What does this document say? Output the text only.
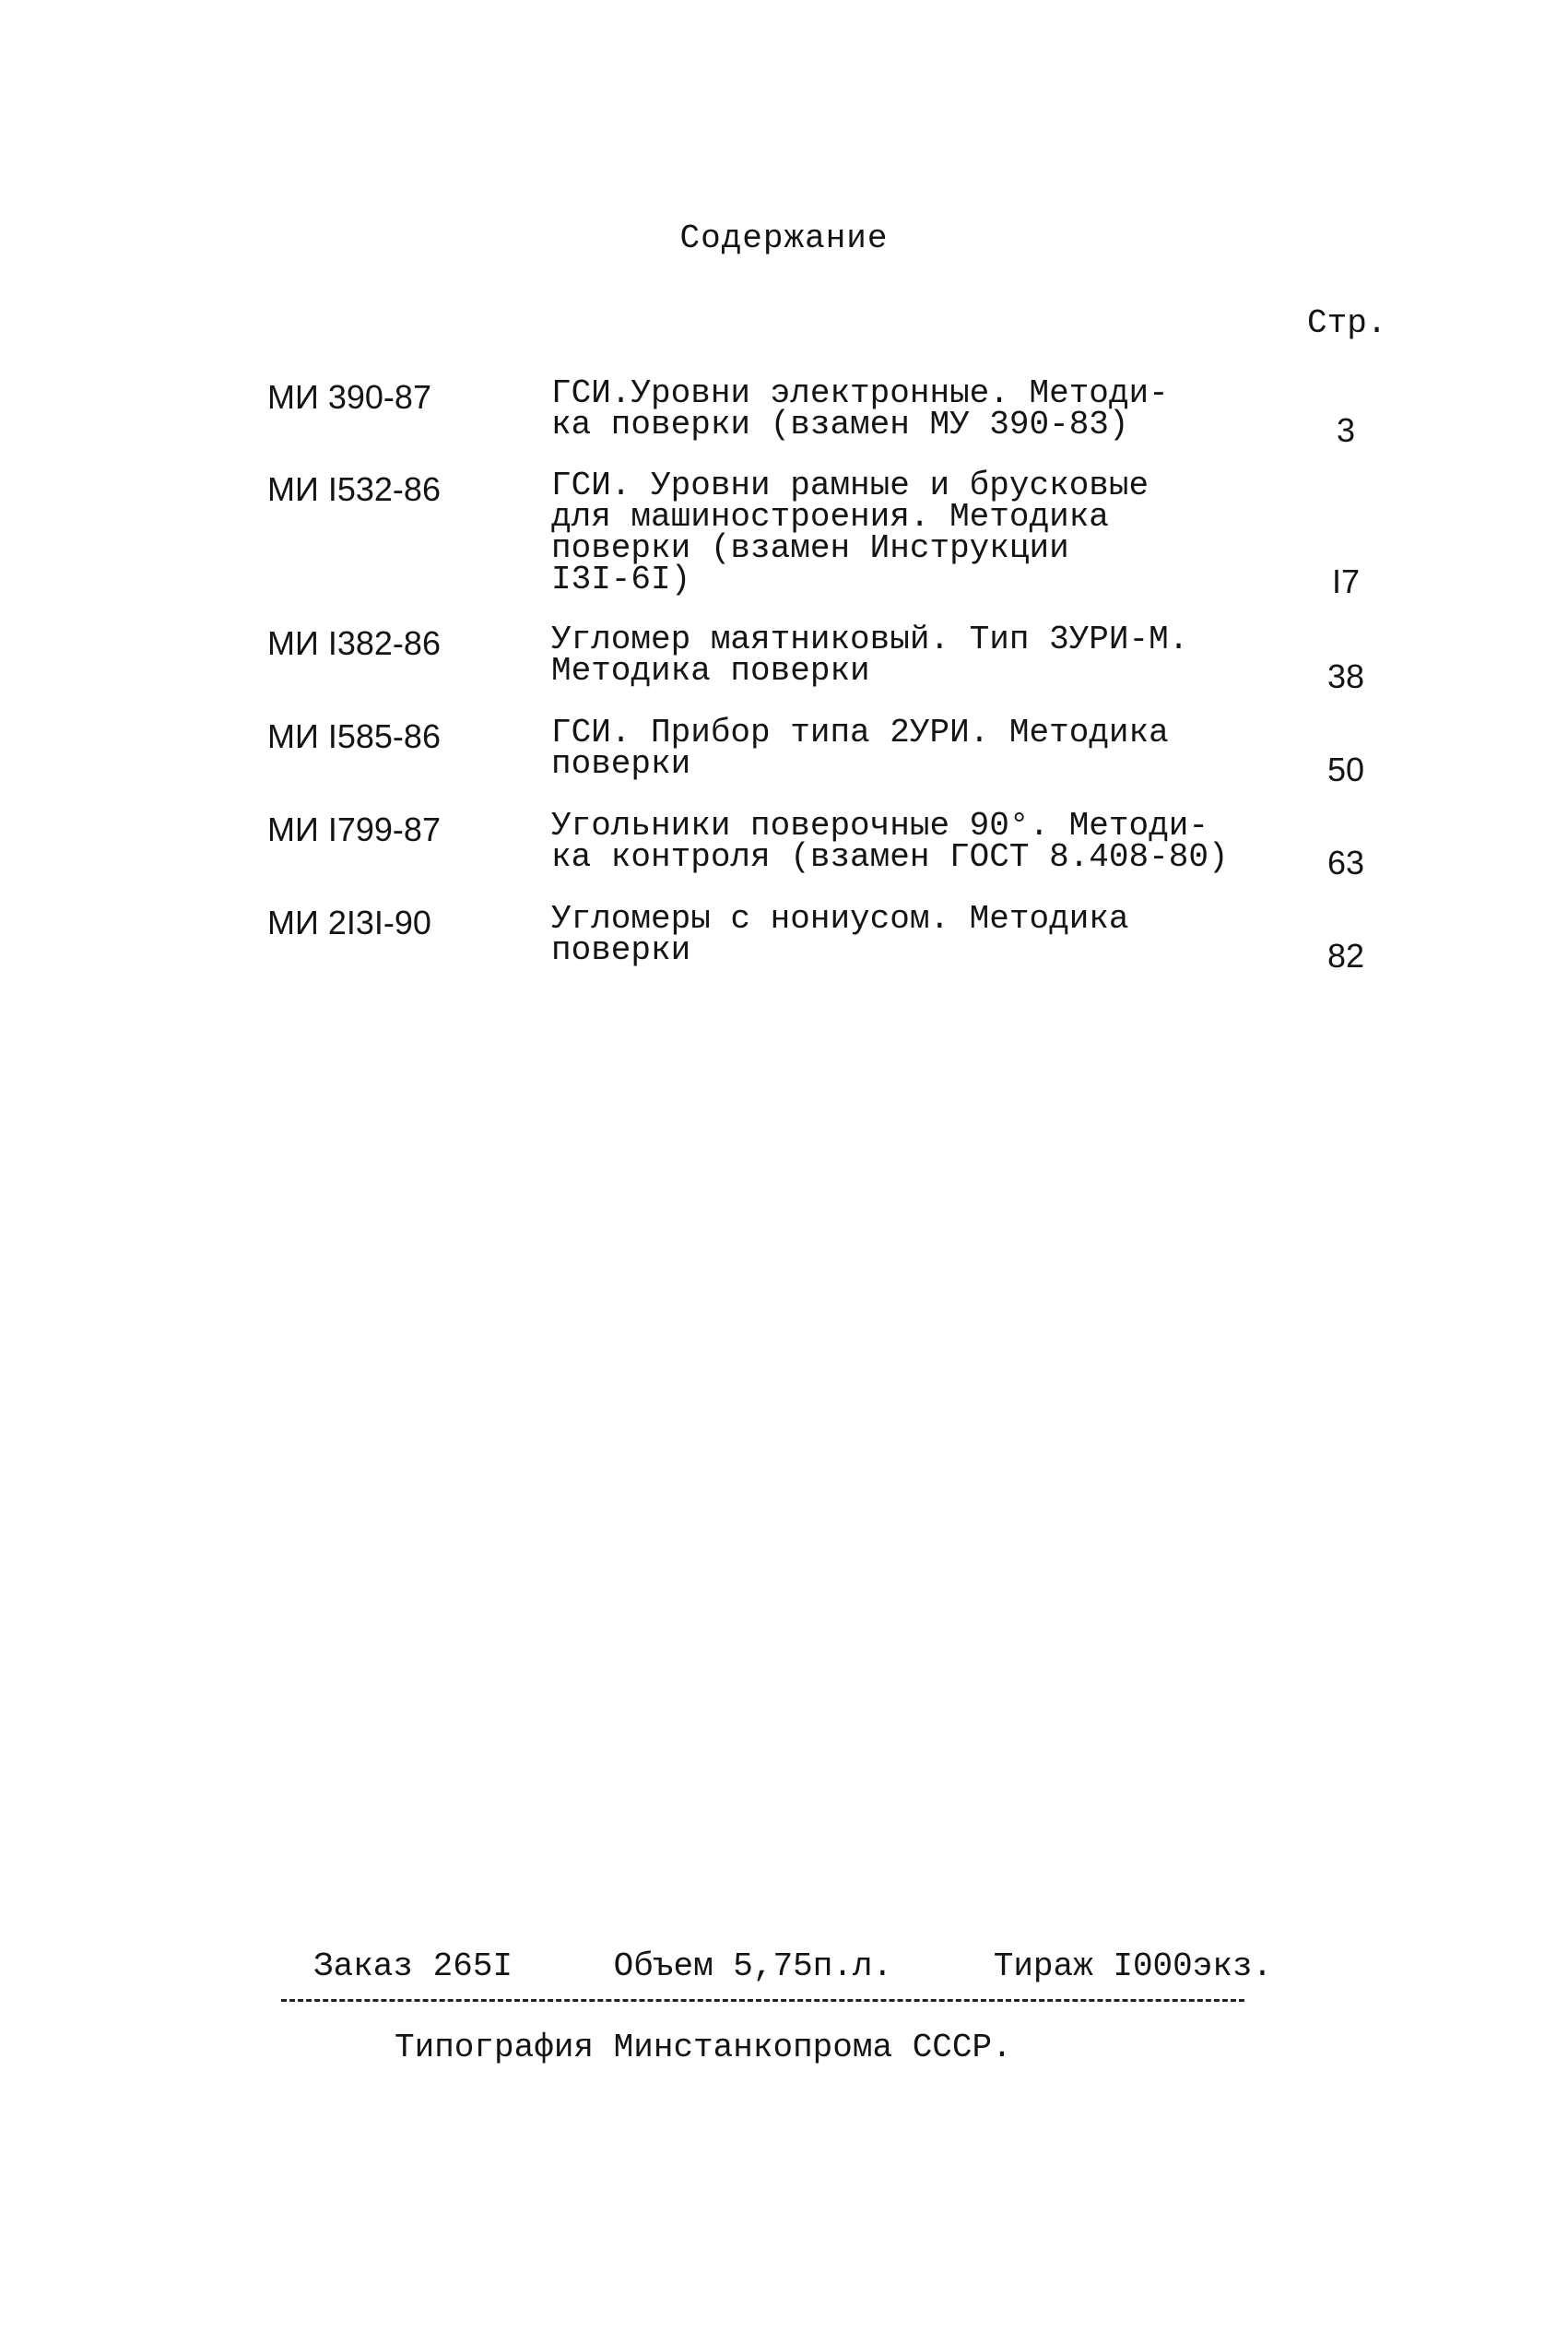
Содержание
Стр.
МИ 390-87	ГСИ.Уровни электронные. Методи-
ка поверки (взамен МУ 390-83)	3
МИ I532-86	ГСИ. Уровни рамные и брусковые
для машиностроения. Методика
поверки (взамен Инструкции
I3I-6I)	I7
МИ I382-86	Угломер маятниковый. Тип 3УРИ-М.
Методика поверки	38
МИ I585-86	ГСИ. Прибор типа 2УРИ. Методика
поверки	50
МИ I799-87	Угольники поверочные 90°. Методи-
ка контроля (взамен ГОСТ 8.408-80)	63
МИ 2I3I-90	Угломеры с нониусом. Методика
поверки	82
Заказ 265I	Объем 5,75п.л.	Тираж I000экз.
Типография Минстанкопрома СССР.
